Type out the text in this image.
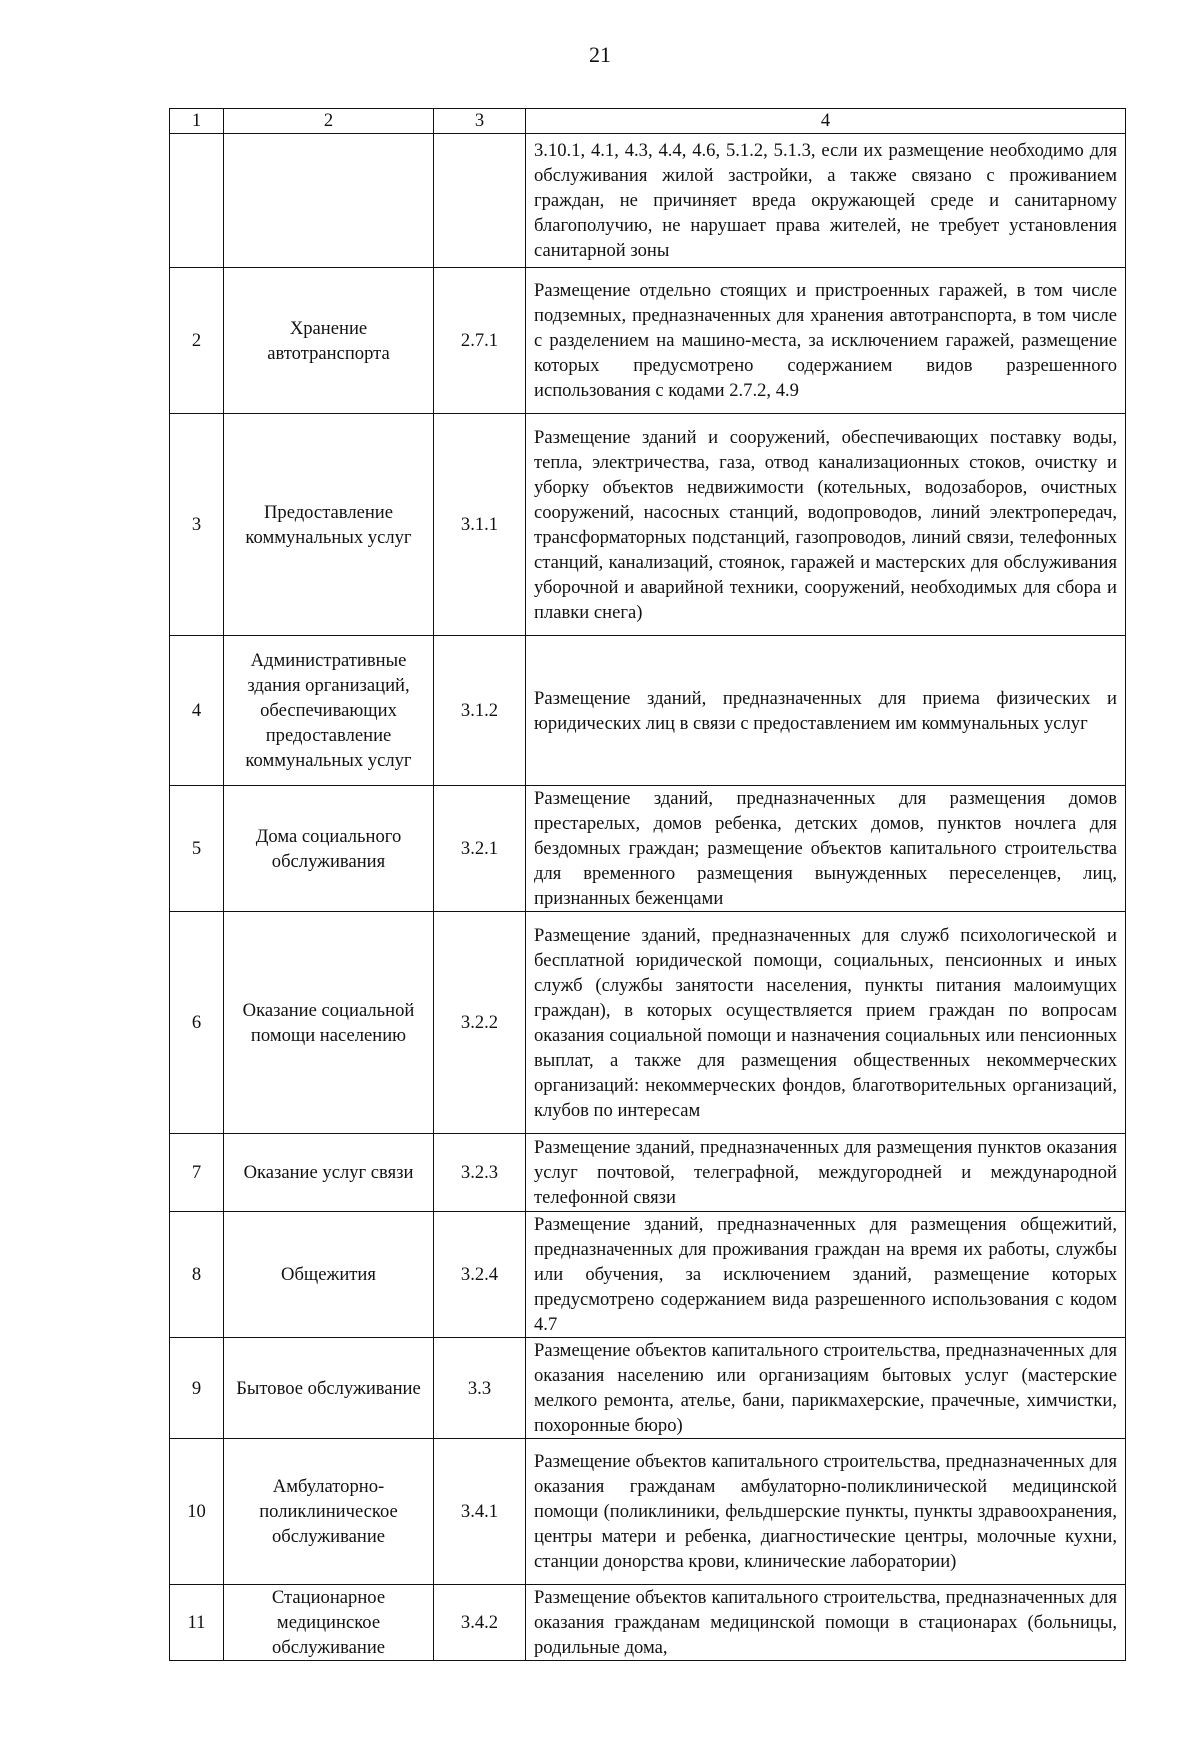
21
1	2	3	4
			3.10.1, 4.1, 4.3, 4.4, 4.6, 5.1.2, 5.1.3, если их размещение необходимо для обслуживания жилой застройки, а также связано с проживанием граждан, не причиняет вреда окружающей среде и санитарному благополучию, не нарушает права жителей, не требует установления санитарной зоны
2	Хранение автотранспорта	2.7.1	Размещение отдельно стоящих и пристроенных гаражей, в том числе подземных, предназначенных для хранения автотранспорта, в том числе с разделением на машино-места, за исключением гаражей, размещение которых предусмотрено содержанием видов разрешенного использования с кодами 2.7.2, 4.9
3	Предоставление коммунальных услуг	3.1.1	Размещение зданий и сооружений, обеспечивающих поставку воды, тепла, электричества, газа, отвод канализационных стоков, очистку и уборку объектов недвижимости (котельных, водозаборов, очистных сооружений, насосных станций, водопроводов, линий электропередач, трансформаторных подстанций, газопроводов, линий связи, телефонных станций, канализаций, стоянок, гаражей и мастерских для обслуживания уборочной и аварийной техники, сооружений, необходимых для сбора и плавки снега)
4	Административные здания организаций, обеспечивающих предоставление коммунальных услуг	3.1.2	Размещение зданий, предназначенных для приема физических и юридических лиц в связи с предоставлением им коммунальных услуг
5	Дома социального обслуживания	3.2.1	Размещение зданий, предназначенных для размещения домов престарелых, домов ребенка, детских домов, пунктов ночлега для бездомных граждан; размещение объектов капитального строительства для временного размещения вынужденных переселенцев, лиц, признанных беженцами
6	Оказание социальной помощи населению	3.2.2	Размещение зданий, предназначенных для служб психологической и бесплатной юридической помощи, социальных, пенсионных и иных служб (службы занятости населения, пункты питания малоимущих граждан), в которых осуществляется прием граждан по вопросам оказания социальной помощи и назначения социальных или пенсионных выплат, а также для размещения общественных некоммерческих организаций: некоммерческих фондов, благотворительных организаций, клубов по интересам
7	Оказание услуг связи	3.2.3	Размещение зданий, предназначенных для размещения пунктов оказания услуг почтовой, телеграфной, междугородней и международной телефонной связи
8	Общежития	3.2.4	Размещение зданий, предназначенных для размещения общежитий, предназначенных для проживания граждан на время их работы, службы или обучения, за исключением зданий, размещение которых предусмотрено содержанием вида разрешенного использования с кодом 4.7
9	Бытовое обслуживание	3.3	Размещение объектов капитального строительства, предназначенных для оказания населению или организациям бытовых услуг (мастерские мелкого ремонта, ателье, бани, парикмахерские, прачечные, химчистки, похоронные бюро)
10	Амбулаторно-поликлиническое обслуживание	3.4.1	Размещение объектов капитального строительства, предназначенных для оказания гражданам амбулаторно-поликлинической медицинской помощи (поликлиники, фельдшерские пункты, пункты здравоохранения, центры матери и ребенка, диагностические центры, молочные кухни, станции донорства крови, клинические лаборатории)
11	Стационарное медицинское обслуживание	3.4.2	Размещение объектов капитального строительства, предназначенных для оказания гражданам медицинской помощи в стационарах (больницы, родильные дома,
